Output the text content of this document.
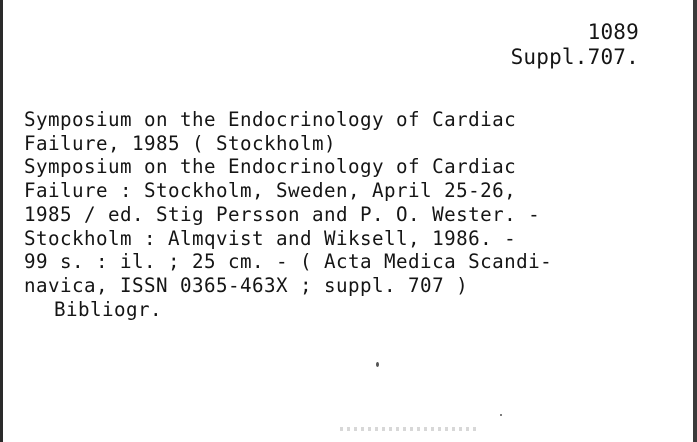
1089
Suppl.707.
Symposium on the Endocrinology of Cardiac
Failure, 1985 ( Stockholm)
Symposium on the Endocrinology of Cardiac
Failure : Stockholm, Sweden, April 25-26,
1985 / ed. Stig Persson and P. O. Wester. -
Stockholm : Almqvist and Wiksell, 1986. -
99 s. : il. ; 25 cm. - ( Acta Medica Scandi-
navica, ISSN 0365-463X ; suppl. 707 )
Bibliogr.
